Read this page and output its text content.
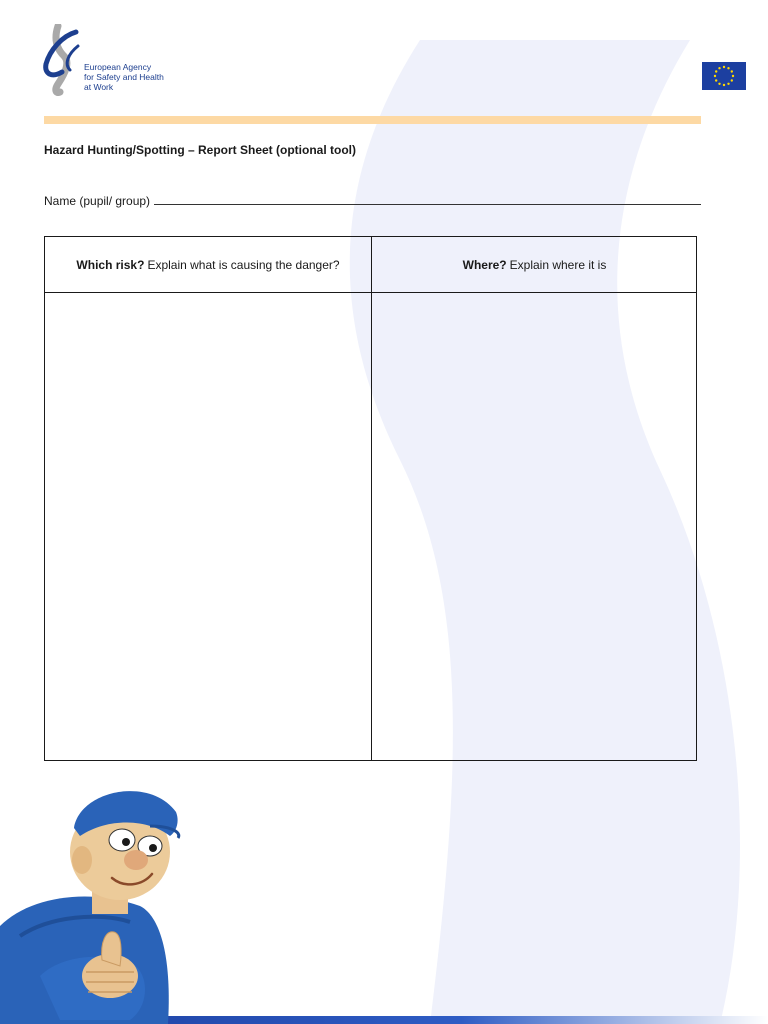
European Agency
for Safety and Health
at Work
Hazard Hunting/Spotting – Report Sheet (optional tool)
Name (pupil/ group)
Which risk? Explain what is causing the danger?	Where? Explain where it is
